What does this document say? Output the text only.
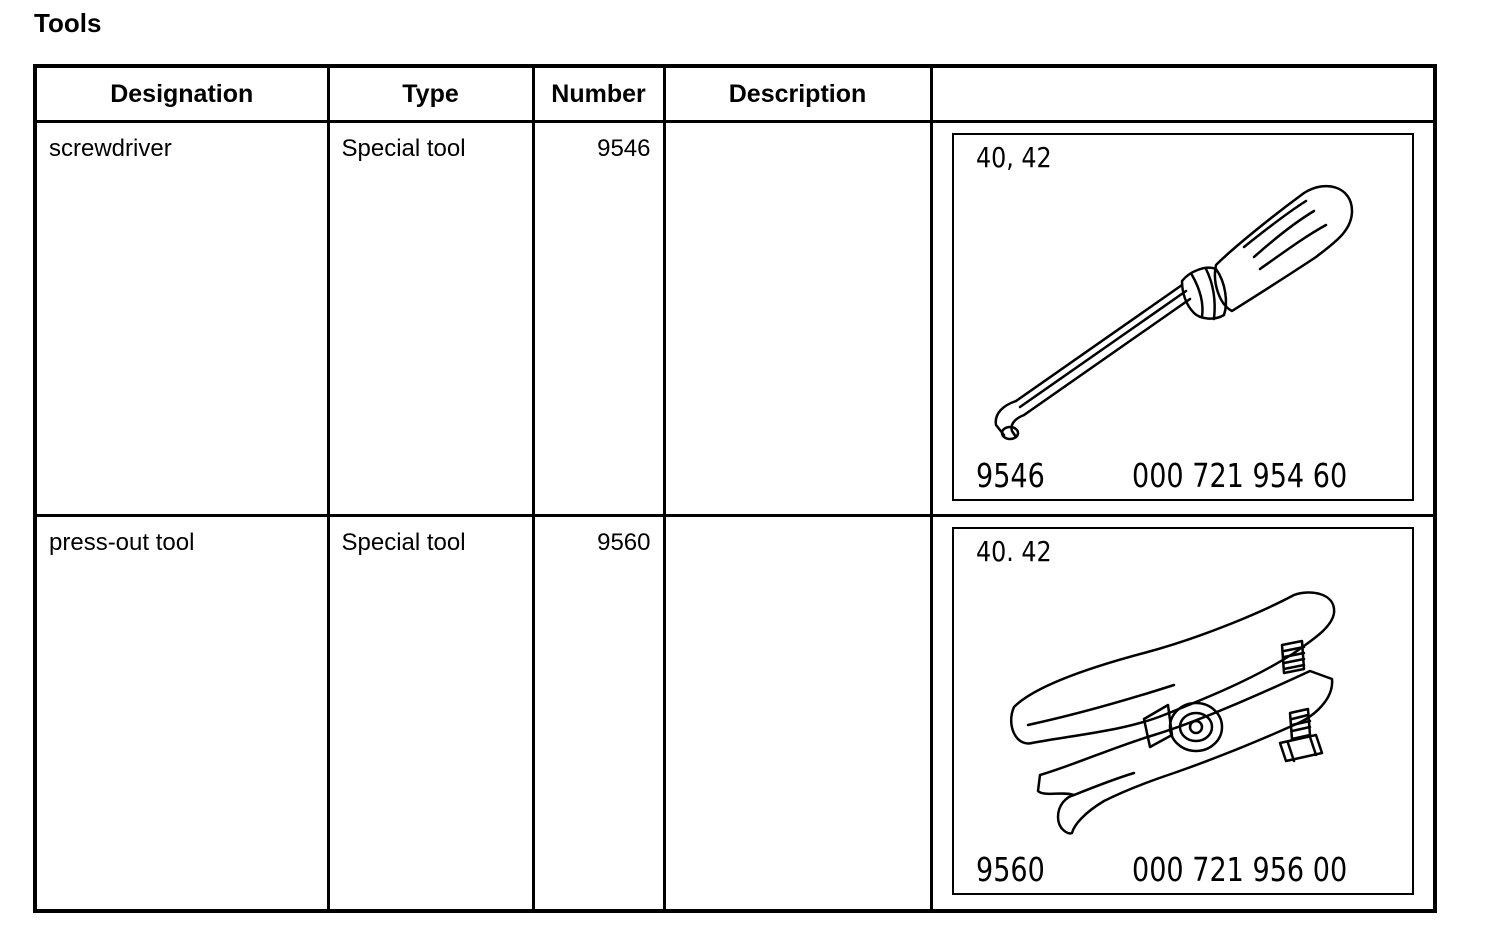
Tools
Designation	Type	Number	Description	
screwdriver	Special tool	9546		40, 42
9546 000 721 954 60

press-out tool	Special tool	9560		40. 42
9560 000 721 956 00
